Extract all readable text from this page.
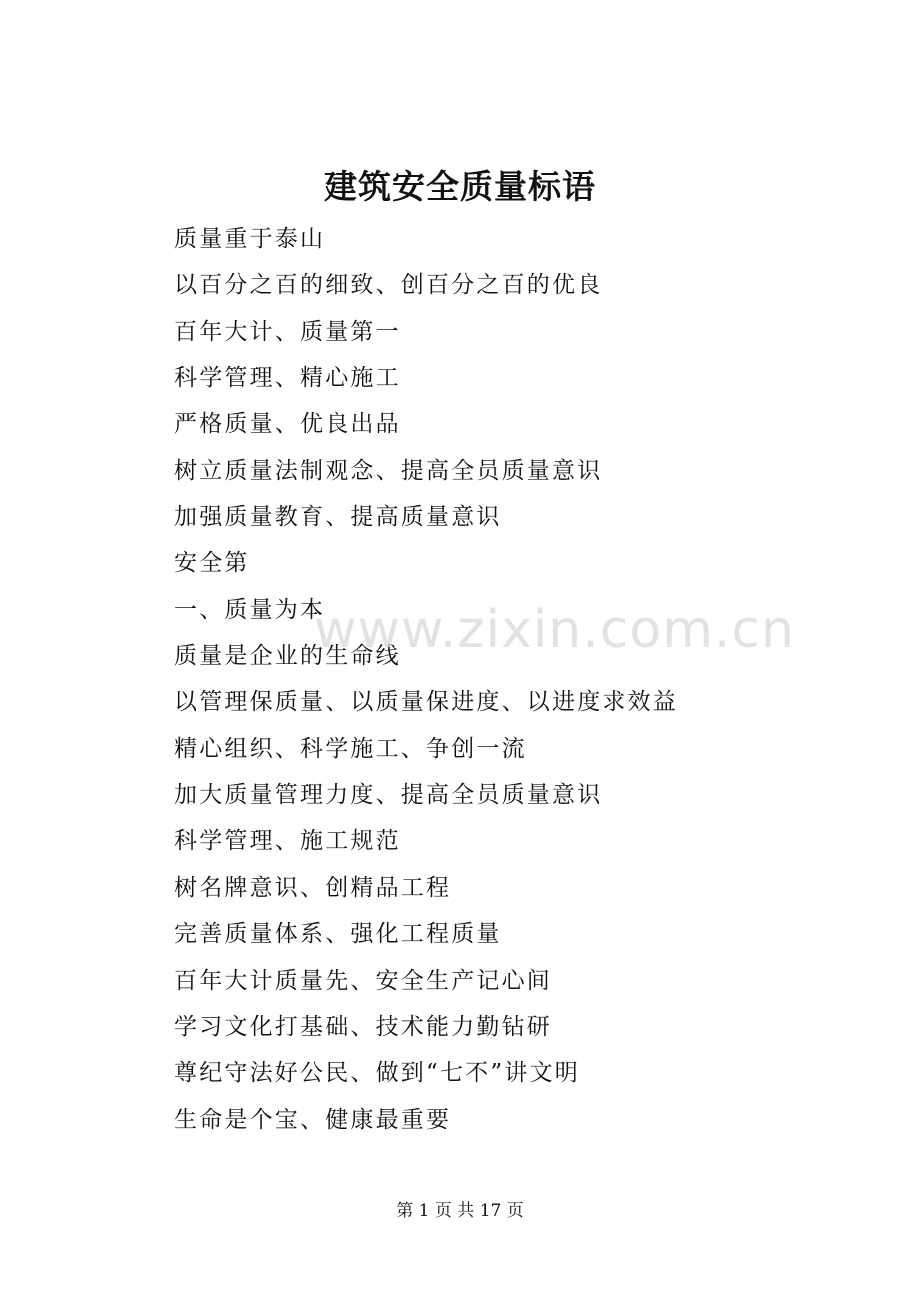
建筑安全质量标语
质量重于泰山
以百分之百的细致、创百分之百的优良
百年大计、质量第一
科学管理、精心施工
严格质量、优良出品
树立质量法制观念、提高全员质量意识
加强质量教育、提高质量意识
安全第
一、质量为本
质量是企业的生命线
以管理保质量、以质量保进度、以进度求效益
精心组织、科学施工、争创一流
加大质量管理力度、提高全员质量意识
科学管理、施工规范
树名牌意识、创精品工程
完善质量体系、强化工程质量
百年大计质量先、安全生产记心间
学习文化打基础、技术能力勤钻研
尊纪守法好公民、做到“七不”讲文明
生命是个宝、健康最重要
www.zixin.com.cn
第 1 页 共 17 页
